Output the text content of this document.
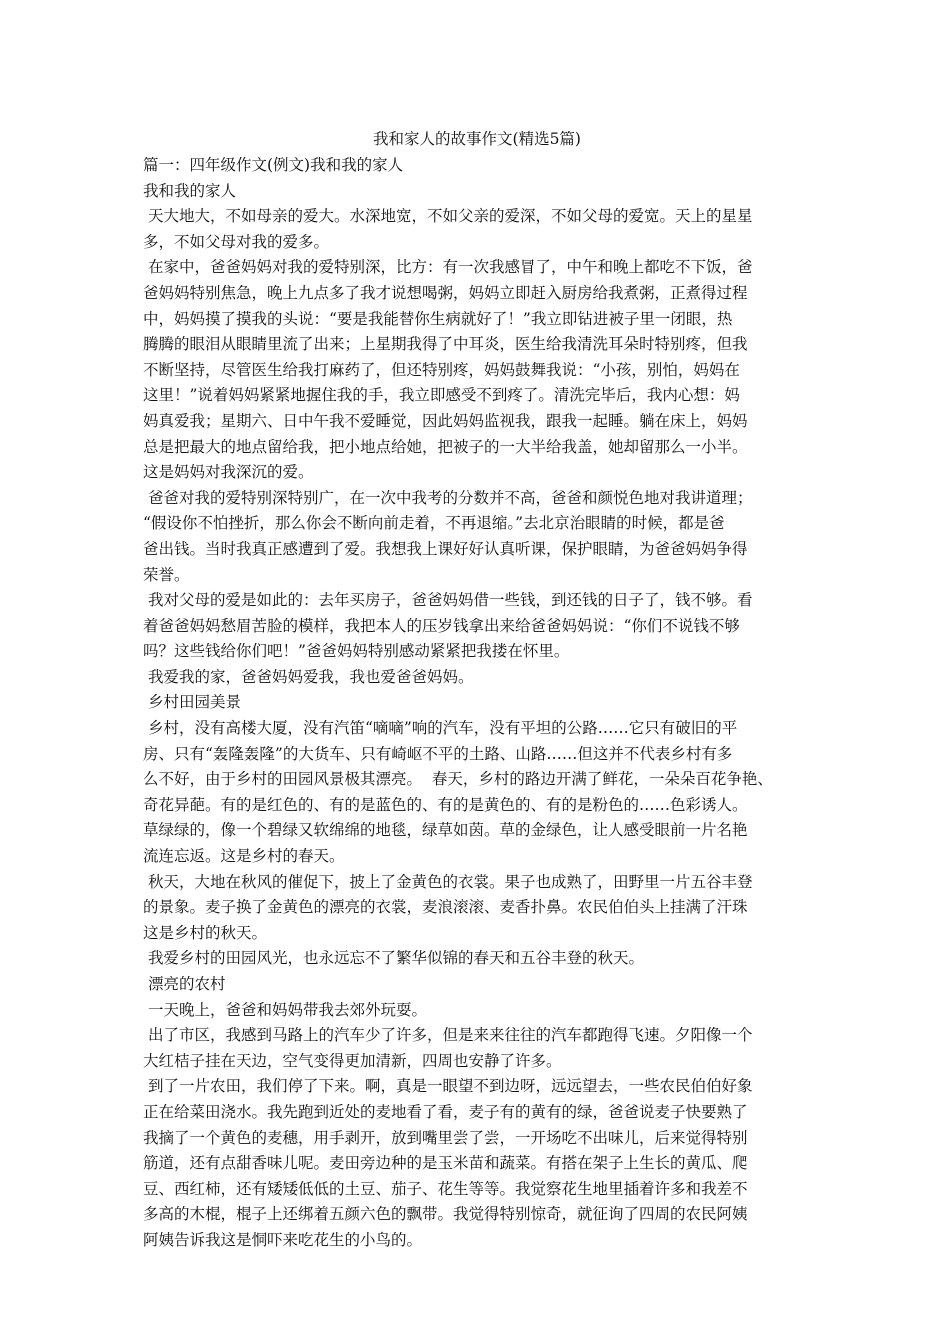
我和家人的故事作文(精选5篇)
篇一：四年级作文(例文)我和我的家人
我和我的家人
天大地大，不如母亲的爱大。水深地宽，不如父亲的爱深，不如父母的爱宽。天上的星星
多，不如父母对我的爱多。
在家中，爸爸妈妈对我的爱特别深，比方：有一次我感冒了，中午和晚上都吃不下饭，爸
爸妈妈特别焦急，晚上九点多了我才说想喝粥，妈妈立即赶入厨房给我煮粥，正煮得过程
中，妈妈摸了摸我的头说：“要是我能替你生病就好了！”我立即钻进被子里一闭眼，热
腾腾的眼泪从眼睛里流了出来；上星期我得了中耳炎，医生给我清洗耳朵时特别疼，但我
不断坚持，尽管医生给我打麻药了，但还特别疼，妈妈鼓舞我说：“小孩，别怕，妈妈在
这里！”说着妈妈紧紧地握住我的手，我立即感受不到疼了。清洗完毕后，我内心想：妈
妈真爱我；星期六、日中午我不爱睡觉，因此妈妈监视我，跟我一起睡。躺在床上，妈妈
总是把最大的地点留给我，把小地点给她，把被子的一大半给我盖，她却留那么一小半。
这是妈妈对我深沉的爱。
爸爸对我的爱特别深特别广，在一次中我考的分数并不高，爸爸和颜悦色地对我讲道理；
“假设你不怕挫折，那么你会不断向前走着，不再退缩。”去北京治眼睛的时候，都是爸
爸出钱。当时我真正感遭到了爱。我想我上课好好认真听课，保护眼睛，为爸爸妈妈争得
荣誉。
我对父母的爱是如此的：去年买房子，爸爸妈妈借一些钱，到还钱的日子了，钱不够。看
着爸爸妈妈愁眉苦脸的模样，我把本人的压岁钱拿出来给爸爸妈妈说：“你们不说钱不够
吗？这些钱给你们吧！”爸爸妈妈特别感动紧紧把我搂在怀里。
我爱我的家，爸爸妈妈爱我，我也爱爸爸妈妈。
乡村田园美景
乡村，没有高楼大厦，没有汽笛“嘀嘀”响的汽车，没有平坦的公路……它只有破旧的平
房、只有“轰隆轰隆”的大货车、只有崎岖不平的土路、山路……但这并不代表乡村有多
么不好，由于乡村的田园风景极其漂亮。  春天，乡村的路边开满了鲜花，一朵朵百花争艳、
奇花异葩。有的是红色的、有的是蓝色的、有的是黄色的、有的是粉色的……色彩诱人。
草绿绿的，像一个碧绿又软绵绵的地毯，绿草如茵。草的金绿色，让人感受眼前一片名艳
流连忘返。这是乡村的春天。
秋天，大地在秋风的催促下，披上了金黄色的衣裳。果子也成熟了，田野里一片五谷丰登
的景象。麦子换了金黄色的漂亮的衣裳，麦浪滚滚、麦香扑鼻。农民伯伯头上挂满了汗珠
这是乡村的秋天。
我爱乡村的田园风光，也永远忘不了繁华似锦的春天和五谷丰登的秋天。
漂亮的农村
一天晚上，爸爸和妈妈带我去郊外玩耍。
出了市区，我感到马路上的汽车少了许多，但是来来往往的汽车都跑得飞速。夕阳像一个
大红桔子挂在天边，空气变得更加清新，四周也安静了许多。
到了一片农田，我们停了下来。啊，真是一眼望不到边呀，远远望去，一些农民伯伯好象
正在给菜田浇水。我先跑到近处的麦地看了看，麦子有的黄有的绿，爸爸说麦子快要熟了
我摘了一个黄色的麦穗，用手剥开，放到嘴里尝了尝，一开场吃不出味儿，后来觉得特别
筋道，还有点甜香味儿呢。麦田旁边种的是玉米苗和蔬菜。有搭在架子上生长的黄瓜、爬
豆、西红柿，还有矮矮低低的土豆、茄子、花生等等。我觉察花生地里插着许多和我差不
多高的木棍，棍子上还绑着五颜六色的飘带。我觉得特别惊奇，就征询了四周的农民阿姨
阿姨告诉我这是恫吓来吃花生的小鸟的。
